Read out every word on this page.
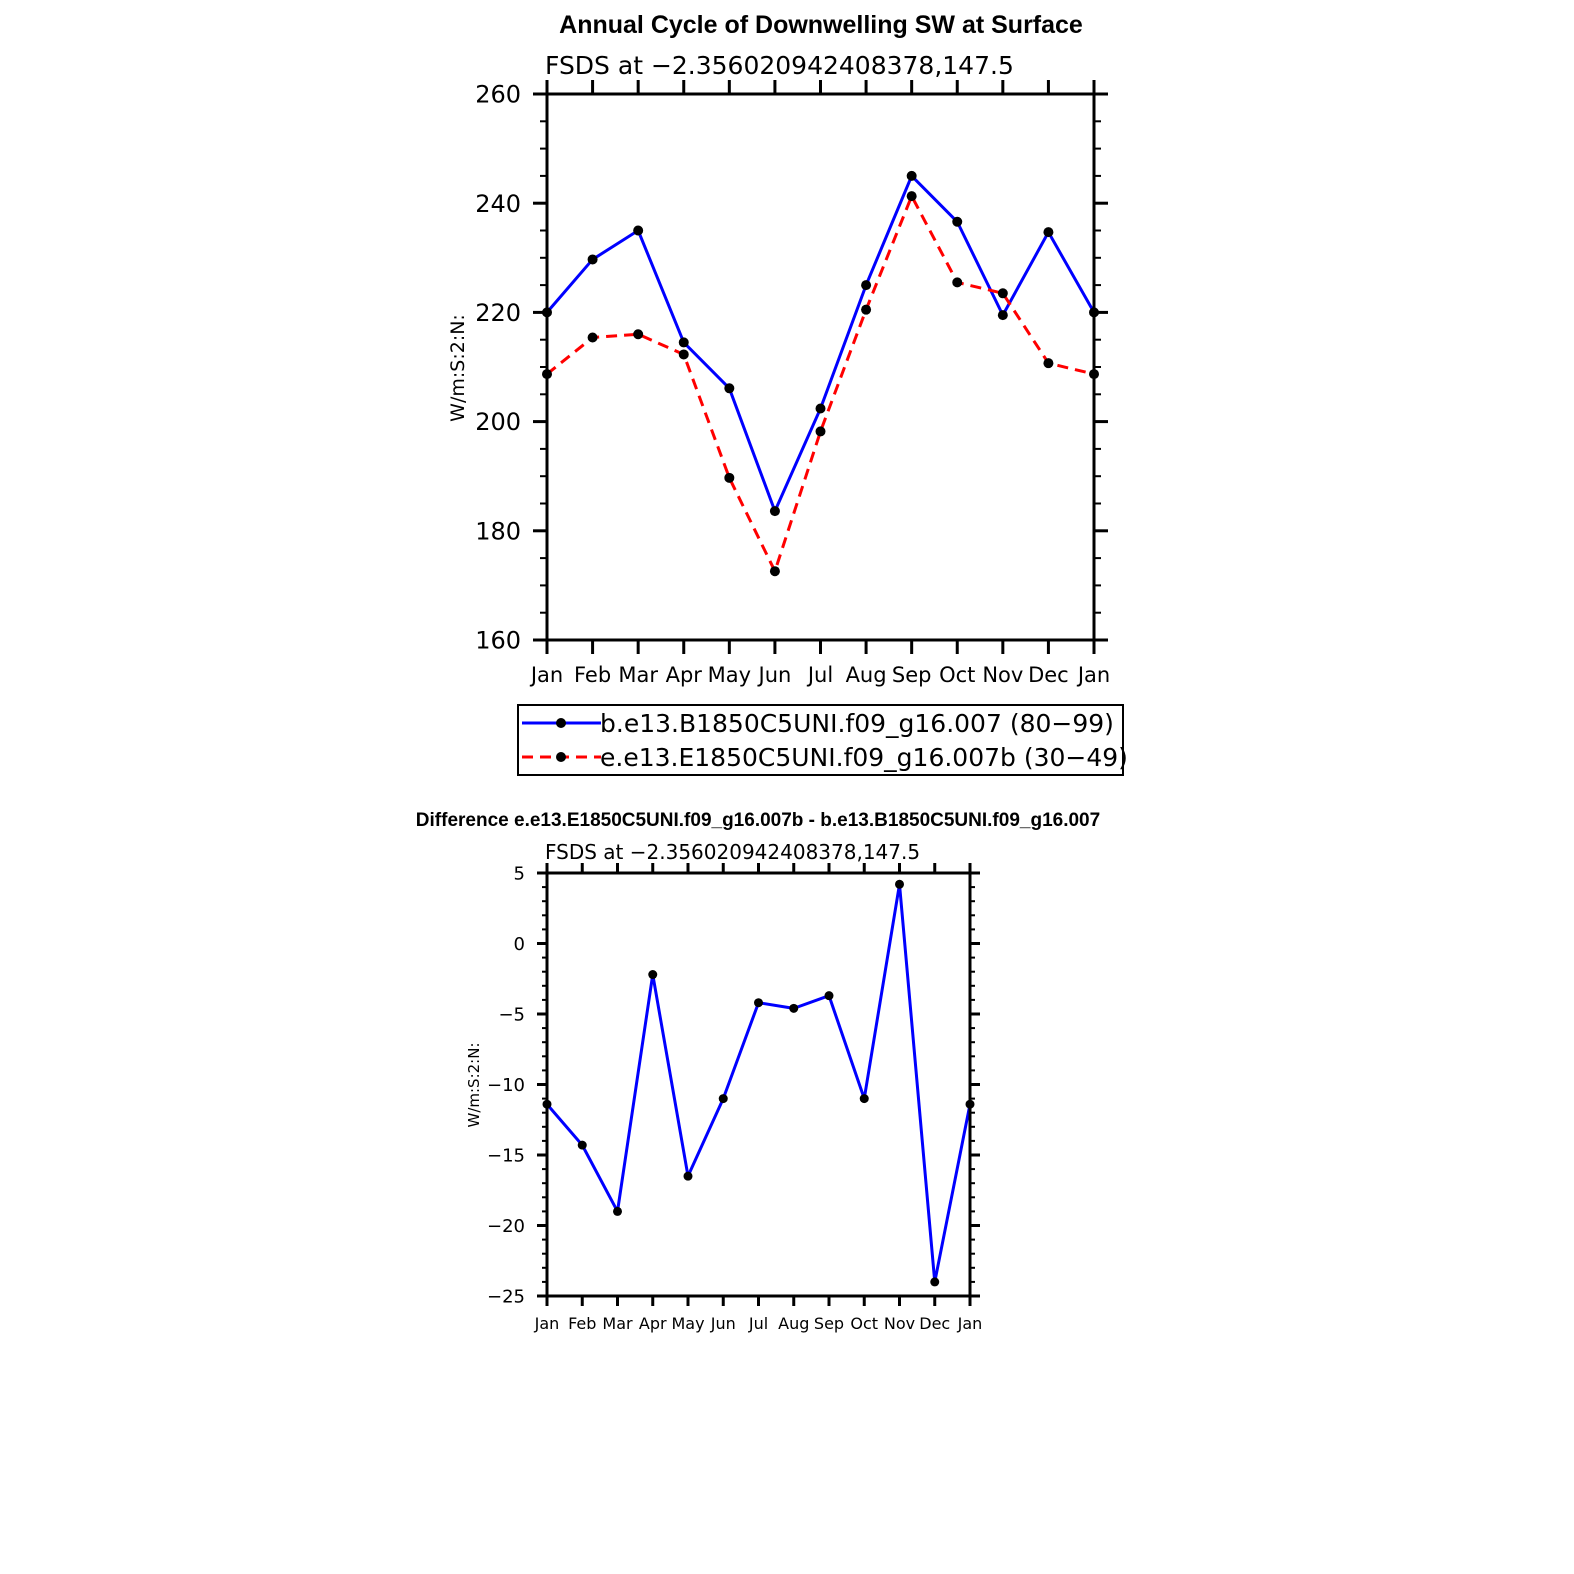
Annual Cycle of Downwelling SW at Surface
FSDS at −2.356020942408378,147.5
W/m:S:2:N:
160
180
200
220
240
260
Jan Feb Mar Apr May Jun Jul Aug Sep Oct Nov Dec Jan
b.e13.B1850C5UNI.f09_g16.007 (80−99)
e.e13.E1850C5UNI.f09_g16.007b (30−49)
Difference e.e13.E1850C5UNI.f09_g16.007b - b.e13.B1850C5UNI.f09_g16.007
FSDS at −2.356020942408378,147.5
W/m:S:2:N:
−25
−20
−15
−10
−5
0
5
Jan Feb Mar Apr May Jun Jul Aug Sep Oct Nov Dec Jan
